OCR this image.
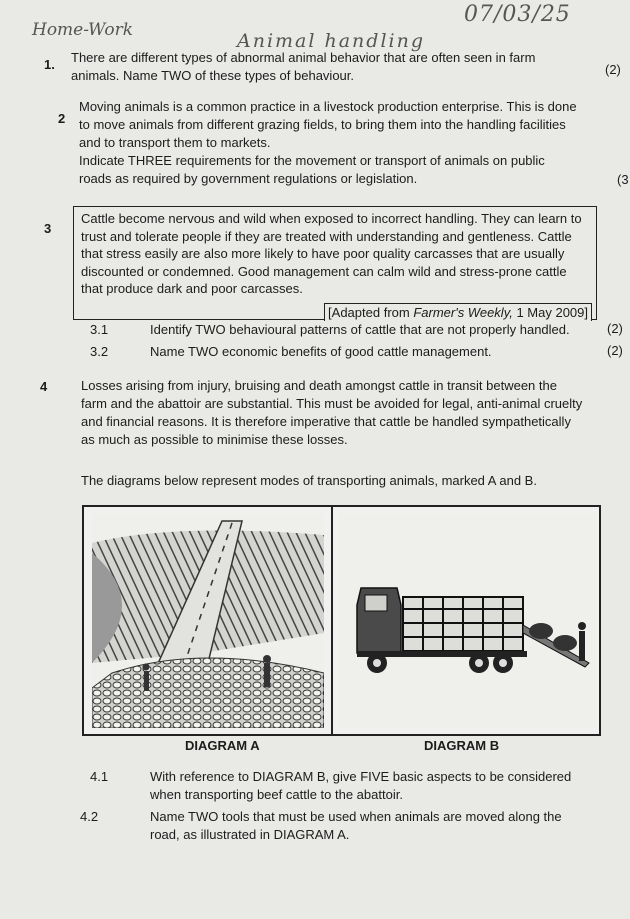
07/03/25
Home-Work	Animal handling
1. There are different types of abnormal animal behavior that are often seen in farm
animals. Name TWO of these types of behaviour.	(2)
2
Moving animals is a common practice in a livestock production enterprise. This is done
to move animals from different grazing fields, to bring them into the handling facilities
and to transport them to markets.
Indicate THREE requirements for the movement or transport of animals on public
roads as required by government regulations or legislation.	(3
3

Cattle become nervous and wild when exposed to incorrect handling. They can learn to

trust and tolerate people if they are treated with understanding and gentleness. Cattle

that stress easily are also more likely to have poor quality carcasses that are usually

discounted or condemned. Good management can calm wild and stress-prone cattle

that produce dark and poor carcasses.

[Adapted from Farmer's Weekly, 1 May 2009]
3.1	Identify TWO behavioural patterns of cattle that are not properly handled.	(2)
3.2	Name TWO economic benefits of good cattle management.	(2)
4	Losses arising from injury, bruising and death amongst cattle in transit between the
farm and the abattoir are substantial. This must be avoided for legal, anti-animal cruelty
and financial reasons. It is therefore imperative that cattle be handled sympathetically
as much as possible to minimise these losses.
The diagrams below represent modes of transporting animals, marked A and B.
DIAGRAM A	DIAGRAM B
4.1	With reference to DIAGRAM B, give FIVE basic aspects to be considered
when transporting beef cattle to the abattoir.
4.2	Name TWO tools that must be used when animals are moved along the
road, as illustrated in DIAGRAM A.
